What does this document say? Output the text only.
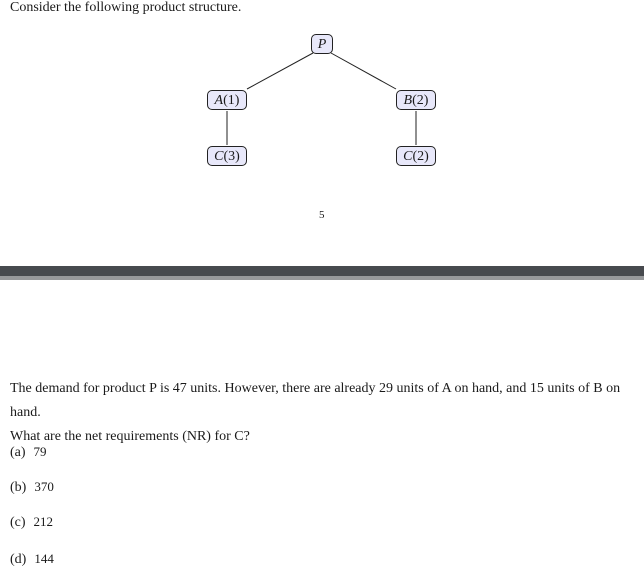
Consider the following product structure.
P
A(1)	B(2)
C(3)	C(2)
5
The demand for product P is 47 units. However, there are already 29 units of A on hand, and 15 units of B on hand.
What are the net requirements (NR) for C?
(a) 79
(b) 370
(c) 212
(d) 144
